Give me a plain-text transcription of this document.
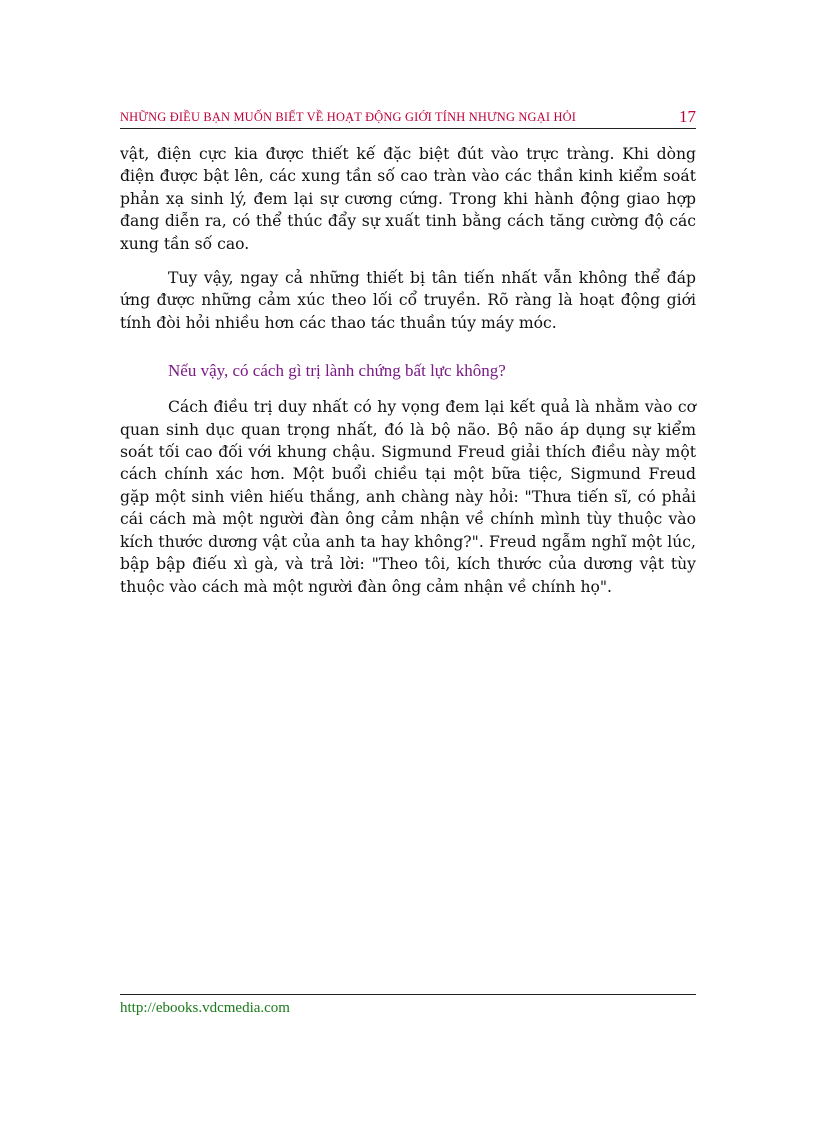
NHỮNG ĐIỀU BẠN MUỐN BIẾT VỀ HOẠT ĐỘNG GIỚI TÍNH NHƯNG NGẠI HỎI	17

vật, điện cực kia được thiết kế đặc biệt đút vào trực tràng. Khi dòng điện được bật lên, các xung tần số cao tràn vào các thần kinh kiểm soát phản xạ sinh lý, đem lại sự cương cứng. Trong khi hành động giao hợp đang diễn ra, có thể thúc đẩy sự xuất tinh bằng cách tăng cường độ các xung tần số cao.

Tuy vậy, ngay cả những thiết bị tân tiến nhất vẫn không thể đáp ứng được những cảm xúc theo lối cổ truyền. Rõ ràng là hoạt động giới tính đòi hỏi nhiều hơn các thao tác thuần túy máy móc.

Nếu vậy, có cách gì trị lành chứng bất lực không?

Cách điều trị duy nhất có hy vọng đem lại kết quả là nhằm vào cơ quan sinh dục quan trọng nhất, đó là bộ não. Bộ não áp dụng sự kiểm soát tối cao đối với khung chậu. Sigmund Freud giải thích điều này một cách chính xác hơn. Một buổi chiều tại một bữa tiệc, Sigmund Freud gặp một sinh viên hiếu thắng, anh chàng này hỏi: "Thưa tiến sĩ, có phải cái cách mà một người đàn ông cảm nhận về chính mình tùy thuộc vào kích thước dương vật của anh ta hay không?". Freud ngẫm nghĩ một lúc, bập bập điếu xì gà, và trả lời: "Theo tôi, kích thước của dương vật tùy thuộc vào cách mà một người đàn ông cảm nhận về chính họ".

http://ebooks.vdcmedia.com
